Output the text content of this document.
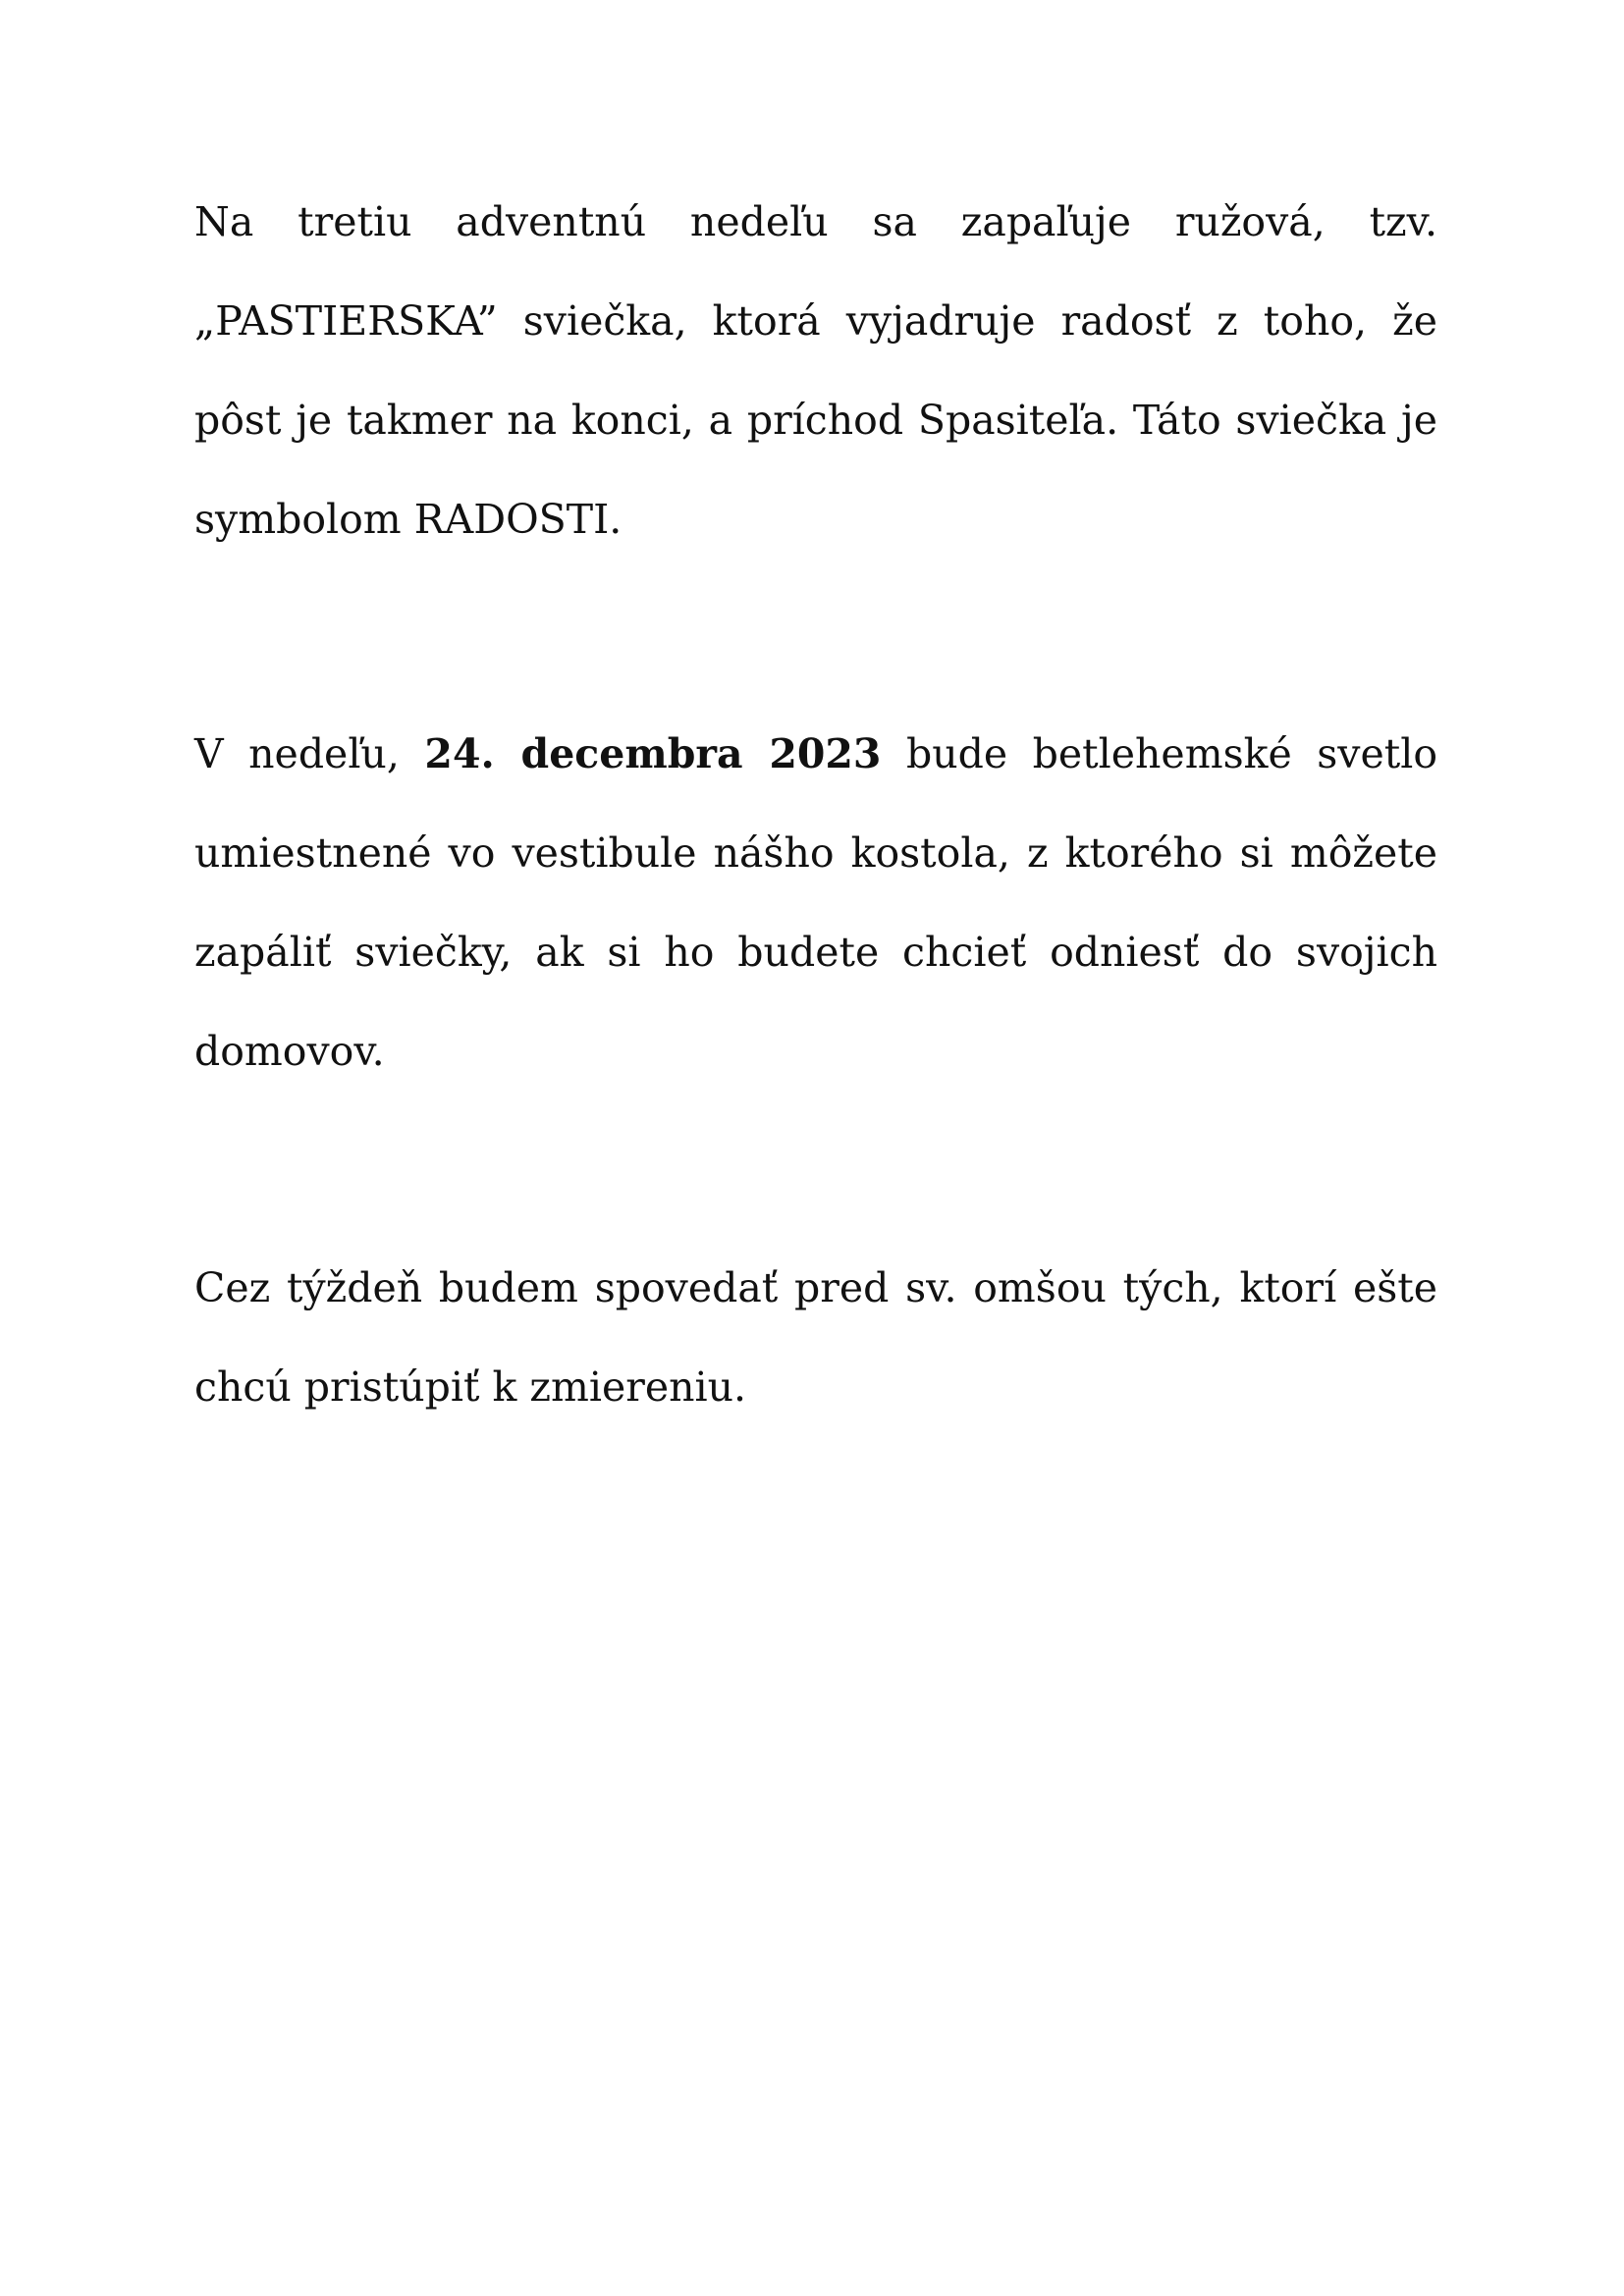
Na tretiu adventnú nedeľu sa zapaľuje ružová, tzv. „PASTIERSKA” sviečka, ktorá vyjadruje radosť z toho, že pôst je takmer na konci, a príchod Spasiteľa. Táto sviečka je symbolom RADOSTI.

V nedeľu, 24. decembra 2023 bude betlehemské svetlo umiestnené vo vestibule nášho kostola, z ktorého si môžete zapáliť sviečky, ak si ho budete chcieť odniesť do svojich domovov.

Cez týždeň budem spovedať pred sv. omšou tých, ktorí ešte chcú pristúpiť k zmiereniu.
